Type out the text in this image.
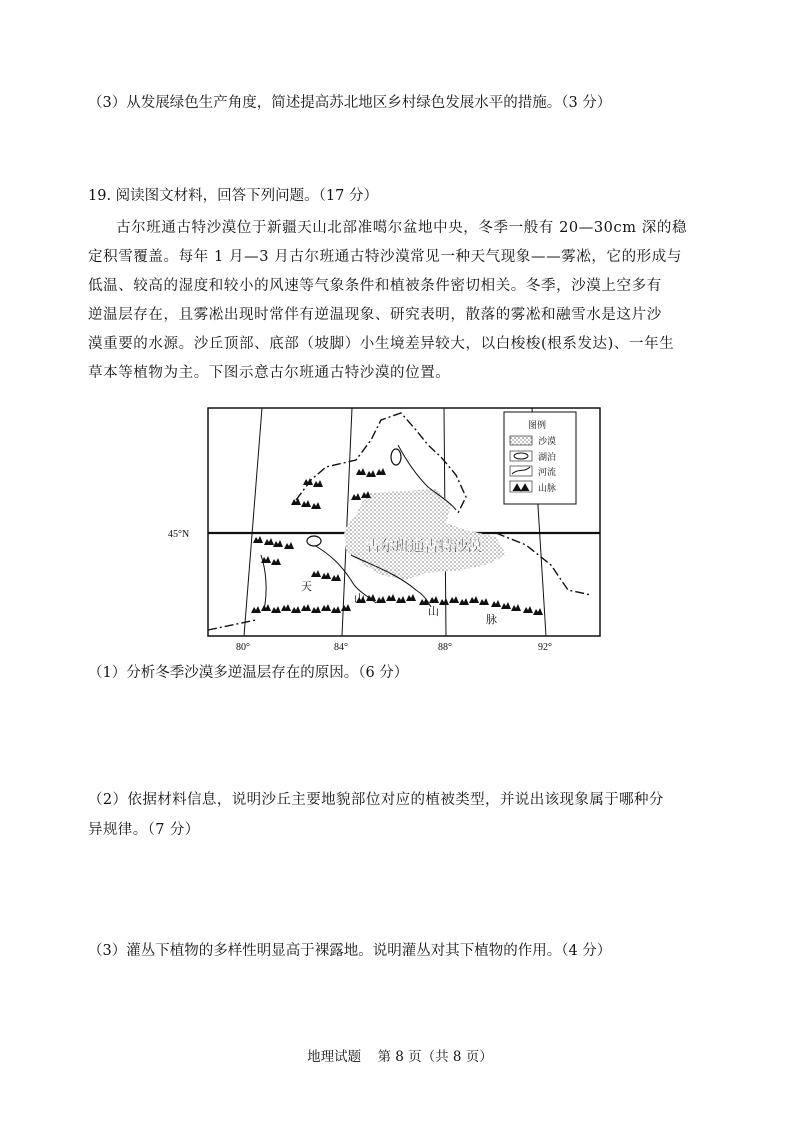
（3）从发展绿色生产角度，简述提高苏北地区乡村绿色发展水平的措施。（3 分）
19. 阅读图文材料，回答下列问题。（17 分）
古尔班通古特沙漠位于新疆天山北部准噶尔盆地中央，冬季一般有 20—30cm 深的稳
定积雪覆盖。每年 1 月—3 月古尔班通古特沙漠常见一种天气现象——雾凇，它的形成与
低温、较高的湿度和较小的风速等气象条件和植被条件密切相关。冬季，沙漠上空多有
逆温层存在，且雾凇出现时常伴有逆温现象、研究表明，散落的雾凇和融雪水是这片沙
漠重要的水源。沙丘顶部、底部（坡脚）小生境差异较大，以白梭梭(根系发达)、一年生
草本等植物为主。下图示意古尔班通古特沙漠的位置。
古尔班通古特沙漠
天
山
山
脉
45°N
80°	84°	88°	92°
图例
沙漠
湖泊
河流
山脉
（1）分析冬季沙漠多逆温层存在的原因。（6 分）
（2）依据材料信息，说明沙丘主要地貌部位对应的植被类型，并说出该现象属于哪种分
异规律。（7 分）
（3）灌丛下植物的多样性明显高于裸露地。说明灌丛对其下植物的作用。（4 分）
地理试题 第 8 页（共 8 页）
